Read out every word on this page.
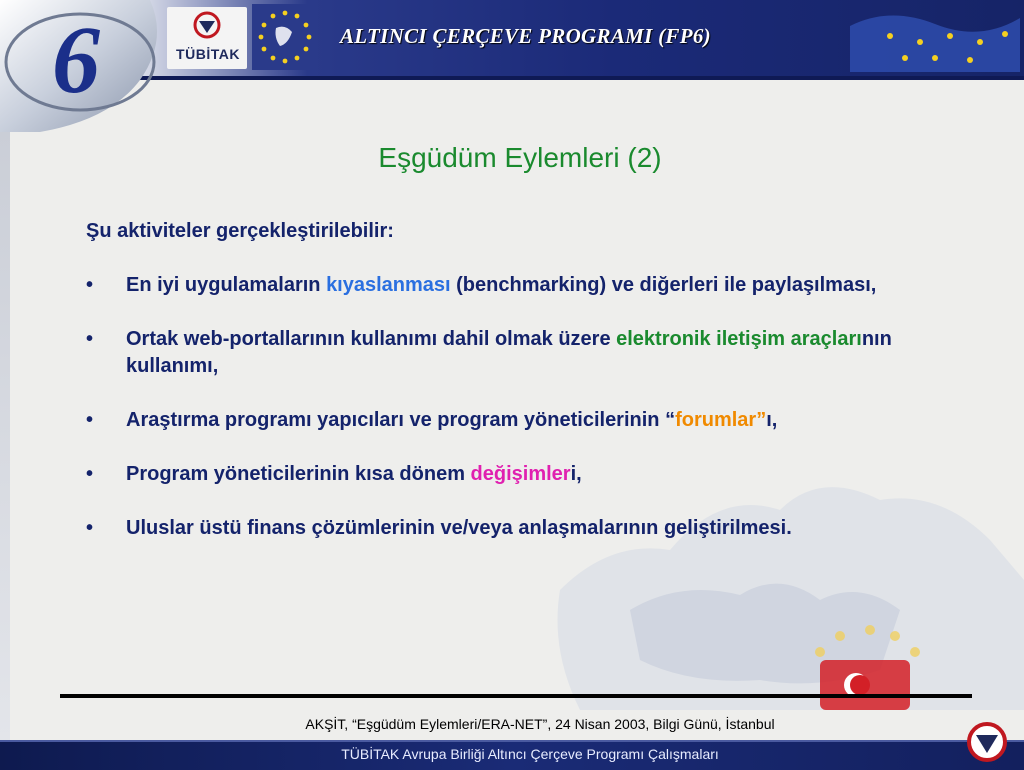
6	TÜBİTAK
ALTINCI ÇERÇEVE PROGRAMI (FP6)
Eşgüdüm Eylemleri (2)
Şu aktiviteler gerçekleştirilebilir:
•	En iyi uygulamaların kıyaslanması (benchmarking) ve diğerleri ile paylaşılması,
•	Ortak web-portallarının kullanımı dahil olmak üzere elektronik iletişim araçlarının kullanımı,
•	Araştırma programı yapıcıları ve program yöneticilerinin “forumlar”ı,
•	Program yöneticilerinin kısa dönem değişimleri,
•	Uluslar üstü finans çözümlerinin ve/veya anlaşmalarının geliştirilmesi.
AKŞİT, “Eşgüdüm Eylemleri/ERA-NET”, 24 Nisan 2003, Bilgi Günü, İstanbul
TÜBİTAK Avrupa Birliği Altıncı Çerçeve Programı Çalışmaları
